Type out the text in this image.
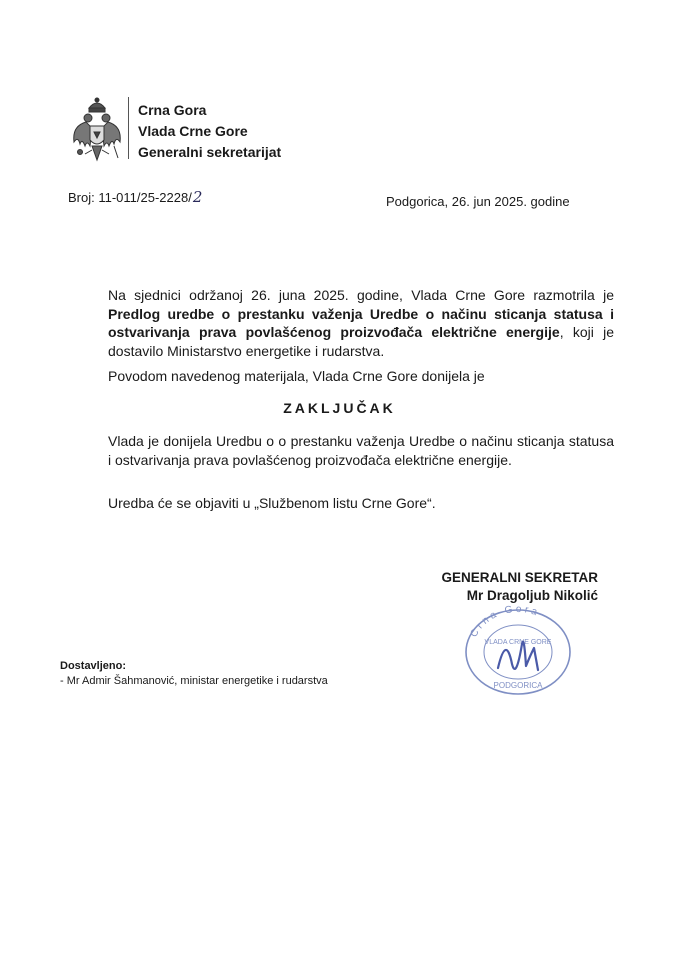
Crna Gora
Vlada Crne Gore
Generalni sekretarijat
Broj: 11-011/25-2228/2	Podgorica, 26. jun 2025. godine
Na sjednici održanoj 26. juna 2025. godine, Vlada Crne Gore razmotrila je Predlog uredbe o prestanku važenja Uredbe o načinu sticanja statusa i ostvarivanja prava povlašćenog proizvođača električne energije, koji je dostavilo Ministarstvo energetike i rudarstva.
Povodom navedenog materijala, Vlada Crne Gore donijela je
ZAKLJUČAK
Vlada je donijela Uredbu o o prestanku važenja Uredbe o načinu sticanja statusa i ostvarivanja prava povlašćenog proizvođača električne energije.
Uredba će se objaviti u „Službenom listu Crne Gore“.
GENERALNI SEKRETAR
Mr Dragoljub Nikolić
Crna Gora
VLADA CRNE GORE
PODGORICA
Dostavljeno:
- Mr Admir Šahmanović, ministar energetike i rudarstva
